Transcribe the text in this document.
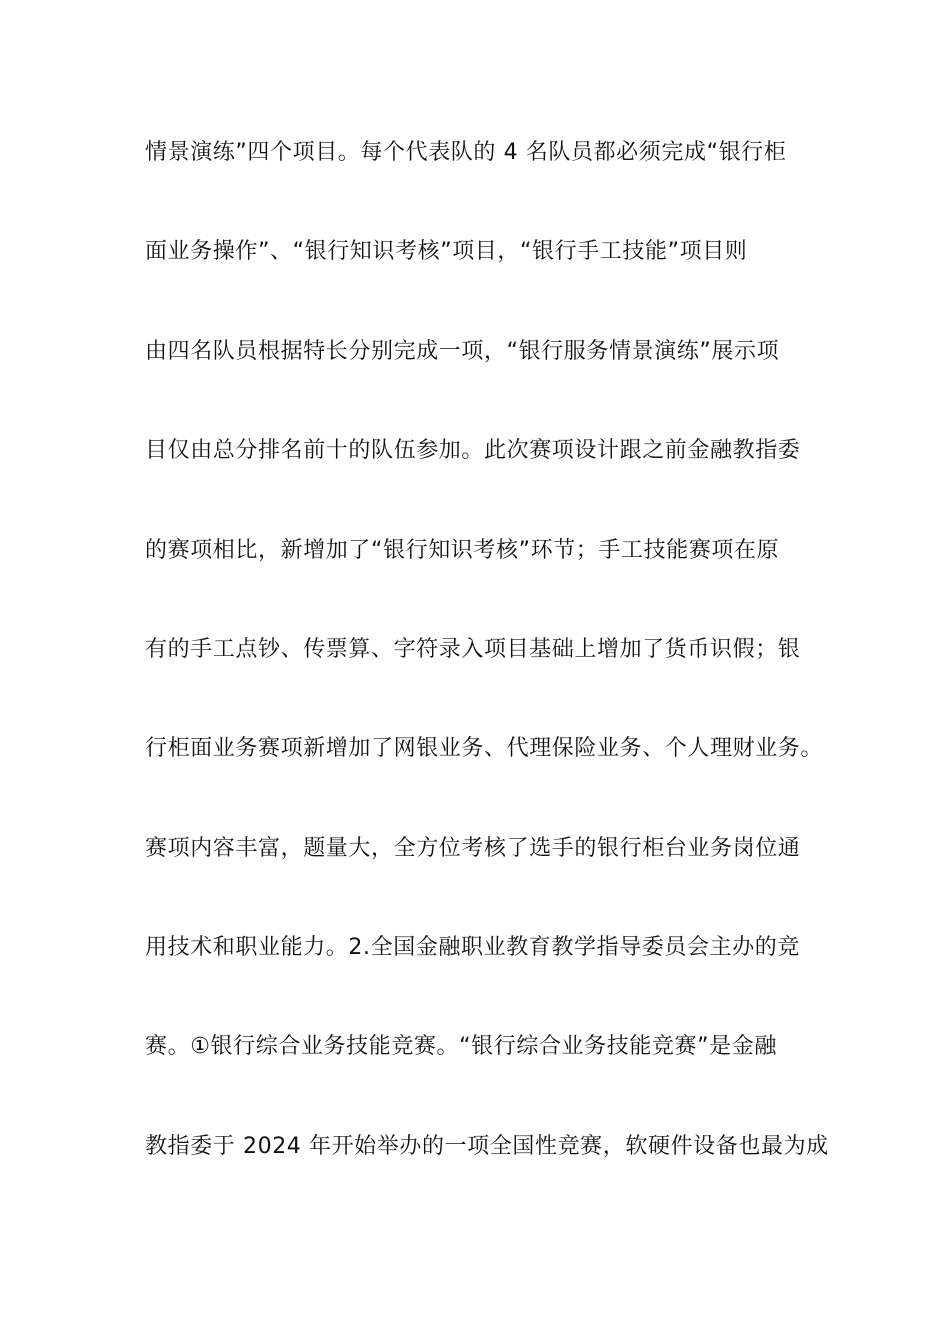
情景演练”四个项目。每个代表队的 4 名队员都必须完成“银行柜
面业务操作”、“银行知识考核”项目，“银行手工技能”项目则
由四名队员根据特长分别完成一项，“银行服务情景演练”展示项
目仅由总分排名前十的队伍参加。此次赛项设计跟之前金融教指委
的赛项相比，新增加了“银行知识考核”环节；手工技能赛项在原
有的手工点钞、传票算、字符录入项目基础上增加了货币识假；银
行柜面业务赛项新增加了网银业务、代理保险业务、个人理财业务。
赛项内容丰富，题量大，全方位考核了选手的银行柜台业务岗位通
用技术和职业能力。2.全国金融职业教育教学指导委员会主办的竞
赛。①银行综合业务技能竞赛。“银行综合业务技能竞赛”是金融
教指委于 2024 年开始举办的一项全国性竞赛，软硬件设备也最为成
